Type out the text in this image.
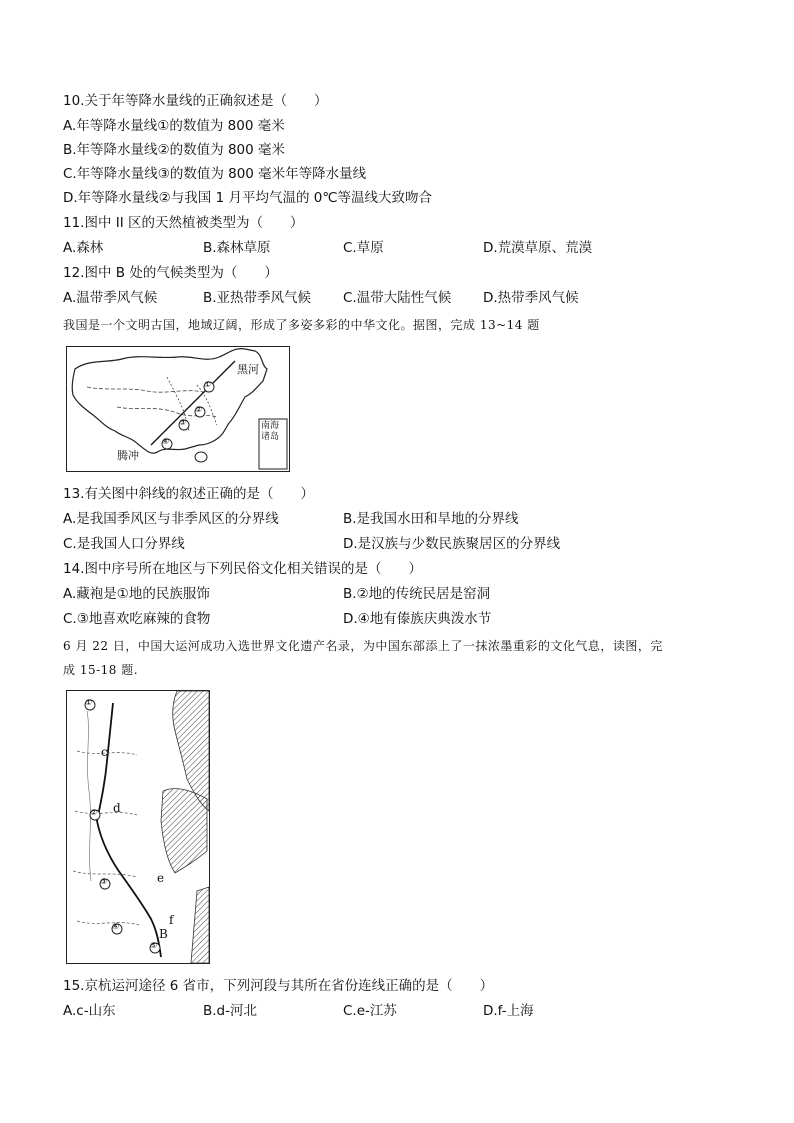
10.关于年等降水量线的正确叙述是（　　）
A.年等降水量线①的数值为 800 毫米
B.年等降水量线②的数值为 800 毫米
C.年等降水量线③的数值为 800 毫米年等降水量线
D.年等降水量线②与我国 1 月平均气温的 0℃等温线大致吻合
11.图中 II 区的天然植被类型为（　　）
A.森林	B.森林草原	C.草原	D.荒漠草原、荒漠
12.图中 B 处的气候类型为（　　）
A.温带季风气候	B.亚热带季风气候 C.温带大陆性气候 D.热带季风气候
我国是一个文明古国，地域辽阔，形成了多姿多彩的中华文化。据图，完成 13~14 题
黑河
腾冲
南海诸岛
①
②
③
④
13.有关图中斜线的叙述正确的是（　　）
A.是我国季风区与非季风区的分界线	B.是我国水田和旱地的分界线
C.是我国人口分界线	D.是汉族与少数民族聚居区的分界线
14.图中序号所在地区与下列民俗文化相关错误的是（　　）
A.藏袍是①地的民族服饰	B.②地的传统民居是窑洞
C.③地喜欢吃麻辣的食物	D.④地有傣族庆典泼水节
6 月 22 日，中国大运河成功入选世界文化遗产名录，为中国东部添上了一抹浓墨重彩的文化气息，读图，完
成 15-18 题.
①
②
③
④
⑤
c
d
e
f
B
15.京杭运河途径 6 省市，下列河段与其所在省份连线正确的是（　　）
A.c-山东	B.d-河北	C.e-江苏	D.f-上海
